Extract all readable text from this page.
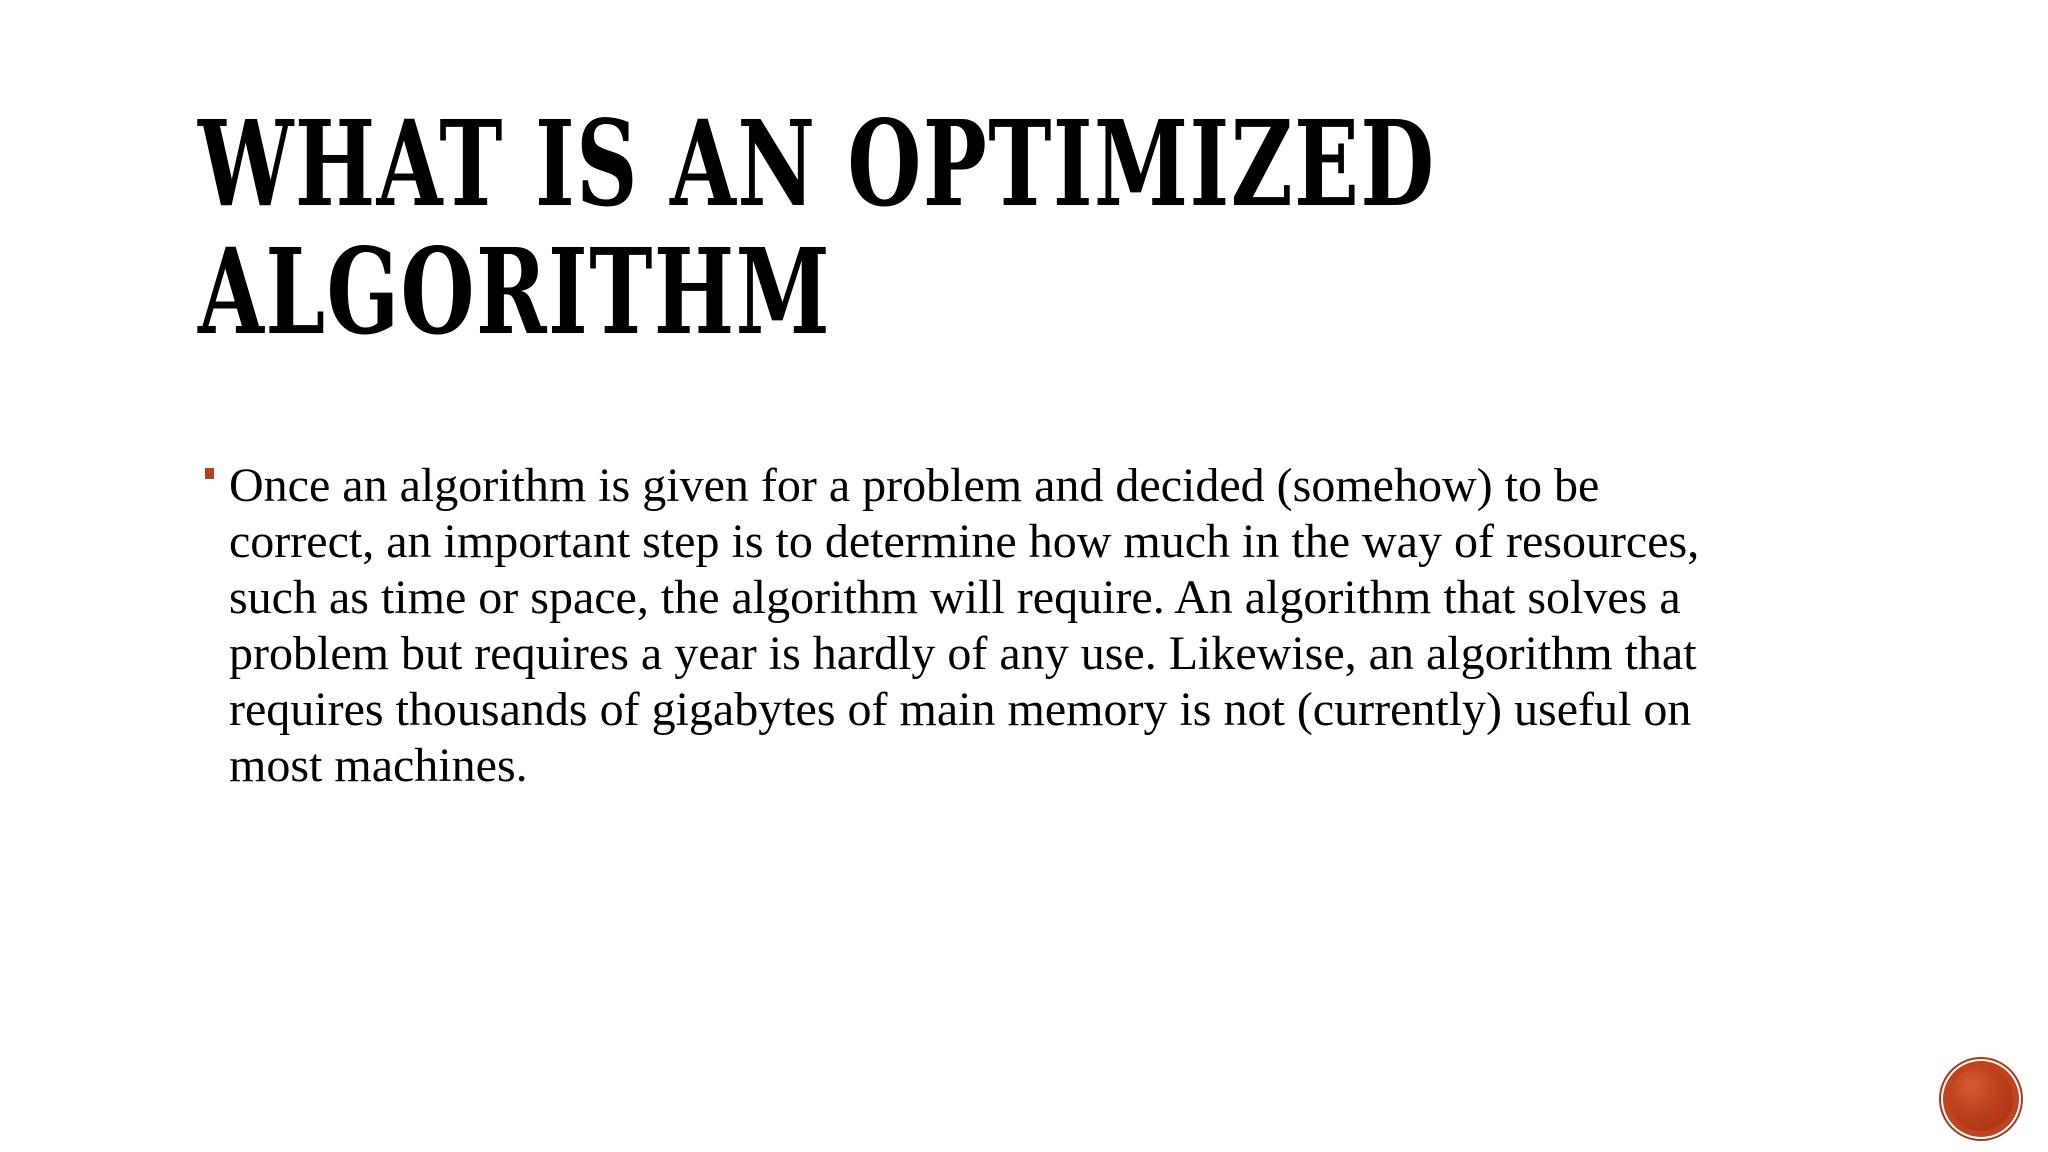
WHAT IS AN OPTIMIZED
ALGORITHM

Once an algorithm is given for a problem and decided (somehow) to be
correct, an important step is to determine how much in the way of resources,
such as time or space, the algorithm will require. An algorithm that solves a
problem but requires a year is hardly of any use. Likewise, an algorithm that
requires thousands of gigabytes of main memory is not (currently) useful on
most machines.
